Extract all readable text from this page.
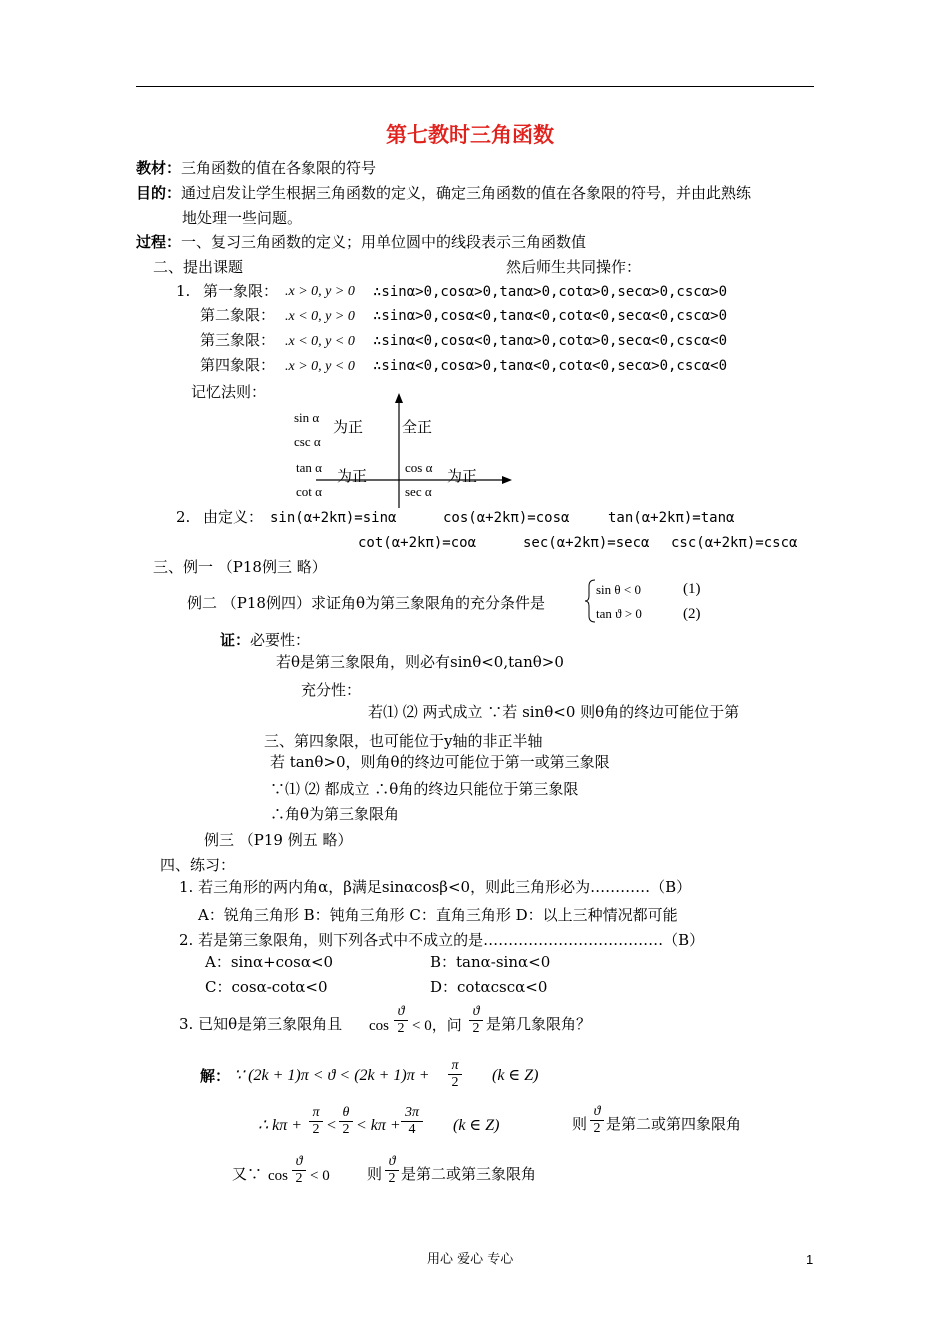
第七教时三角函数
教材：三角函数的值在各象限的符号
目的：通过启发让学生根据三角函数的定义，确定三角函数的值在各象限的符号，并由此熟练
地处理一些问题。
过程：一、复习三角函数的定义；用单位圆中的线段表示三角函数值
二、提出课题	然后师生共同操作：
1. 第一象限： .x > 0, y > 0 ∴sinα>0,cosα>0,tanα>0,cotα>0,secα>0,cscα>0
第二象限： .x < 0, y > 0 ∴sinα>0,cosα<0,tanα<0,cotα<0,secα<0,cscα>0
第三象限： .x < 0, y < 0 ∴sinα<0,cosα<0,tanα>0,cotα>0,secα<0,cscα<0
第四象限： .x > 0, y < 0 ∴sinα<0,cosα>0,tanα<0,cotα<0,secα>0,cscα<0
记忆法则：
sin α
csc α
为正	全正
tan α
cot α
为正	cos α
sec α
为正
2. 由定义： sin(α+2kπ)=sinα	cos(α+2kπ)=cosα	tan(α+2kπ)=tanα
cot(α+2kπ)=coα	sec(α+2kπ)=secα csc(α+2kπ)=cscα
三、例一 （P18例三 略）
例二 （P18例四）求证角θ为第三象限角的充分条件是
sin θ < 0	(1)
tan ϑ > 0	(2)
证：必要性：
若θ是第三象限角，则必有sinθ<0,tanθ>0
充分性：
若⑴ ⑵ 两式成立 ∵若 sinθ<0 则θ角的终边可能位于第
三、第四象限，也可能位于y轴的非正半轴
若 tanθ>0，则角θ的终边可能位于第一或第三象限
∵⑴ ⑵ 都成立 ∴θ角的终边只能位于第三象限
∴角θ为第三象限角
例三 （P19 例五 略）
四、练习：
1. 若三角形的两内角α，β满足sinαcosβ<0，则此三角形必为…………（B）
A：锐角三角形 B：钝角三角形 C：直角三角形 D：以上三种情况都可能
2. 若是第三象限角，则下列各式中不成立的是………………………………（B）
A：sinα+cosα<0	B：tanα-sinα<0
C：cosα-cotα<0	D：cotαcscα<0
3. 已知θ是第三象限角且 $\cos \frac{ϑ}{2} < 0$，问 $\frac{ϑ}{2}$ 是第几象限角？
解： ∵ $(2k + 1)\pi < ϑ < (2k + 1)\pi + \frac{\pi}{2} (k$ ∈ Z)
∴ $k\pi + \frac{\pi}{2} < \frac{\theta}{2} < k\pi + \frac{3\pi}{4} (k$ ∈ Z)	则 $\frac{ϑ}{2}$ 是第二或第四象限角
又∵ $\cos \frac{ϑ}{2} < 0$ 则 $\frac{ϑ}{2}$ 是第二或第三象限角
用心 爱心 专心	1
